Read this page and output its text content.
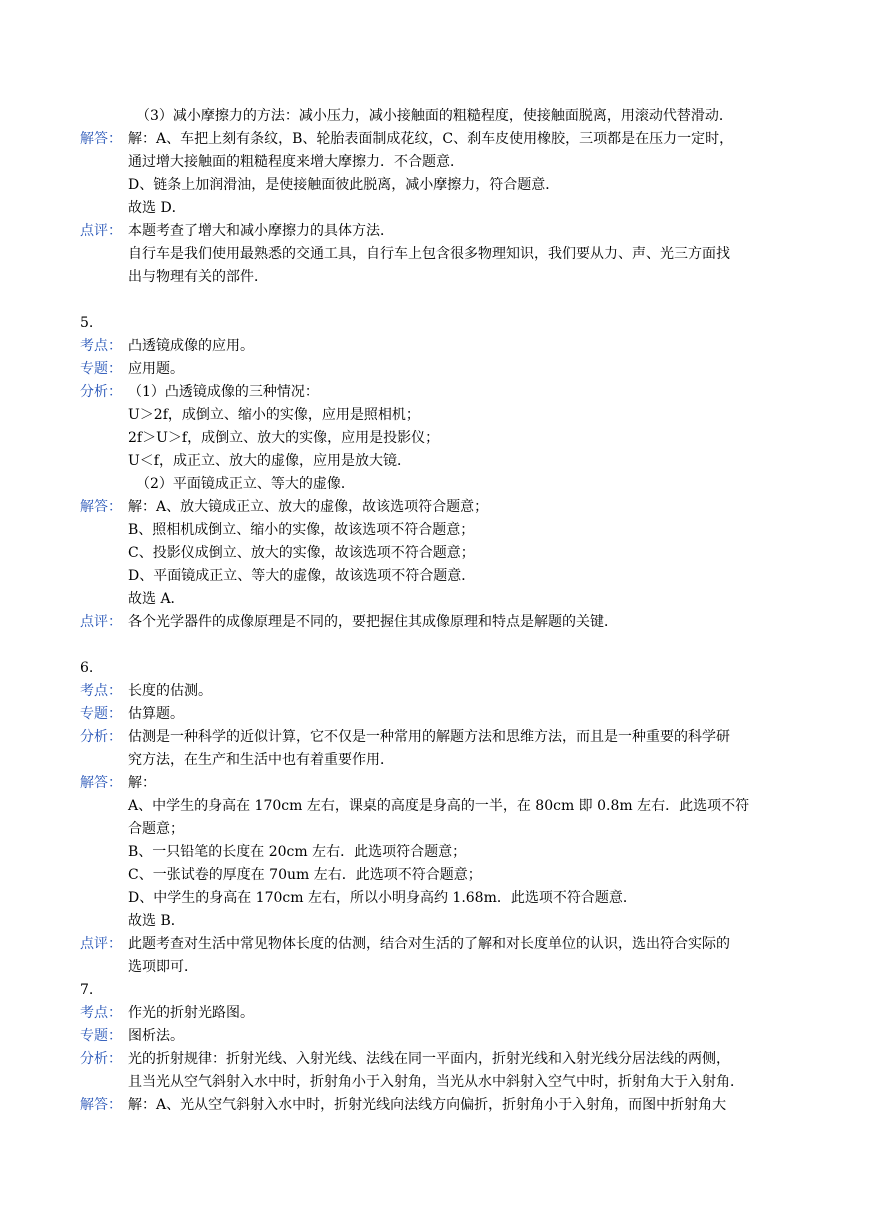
（3）减小摩擦力的方法：减小压力，减小接触面的粗糙程度，使接触面脱离，用滚动代替滑动．
解答： 解：A、车把上刻有条纹，B、轮胎表面制成花纹，C、刹车皮使用橡胶，三项都是在压力一定时，
通过增大接触面的粗糙程度来增大摩擦力．不合题意．
D、链条上加润滑油，是使接触面彼此脱离，减小摩擦力，符合题意．
故选 D．
点评： 本题考查了增大和减小摩擦力的具体方法．
自行车是我们使用最熟悉的交通工具，自行车上包含很多物理知识，我们要从力、声、光三方面找
出与物理有关的部件．
5.
考点： 凸透镜成像的应用。
专题： 应用题。
分析： （1）凸透镜成像的三种情况：
U＞2f，成倒立、缩小的实像，应用是照相机；
2f＞U＞f，成倒立、放大的实像，应用是投影仪；
U＜f，成正立、放大的虚像，应用是放大镜．
（2）平面镜成正立、等大的虚像．
解答： 解：A、放大镜成正立、放大的虚像，故该选项符合题意；
B、照相机成倒立、缩小的实像，故该选项不符合题意；
C、投影仪成倒立、放大的实像，故该选项不符合题意；
D、平面镜成正立、等大的虚像，故该选项不符合题意．
故选 A．
点评： 各个光学器件的成像原理是不同的，要把握住其成像原理和特点是解题的关键．
6.
考点： 长度的估测。
专题： 估算题。
分析： 估测是一种科学的近似计算，它不仅是一种常用的解题方法和思维方法，而且是一种重要的科学研
究方法，在生产和生活中也有着重要作用．
解答： 解：
A、中学生的身高在 170cm 左右，课桌的高度是身高的一半，在 80cm 即 0.8m 左右．此选项不符
合题意；
B、一只铅笔的长度在 20cm 左右．此选项符合题意；
C、一张试卷的厚度在 70um 左右．此选项不符合题意；
D、中学生的身高在 170cm 左右，所以小明身高约 1.68m．此选项不符合题意．
故选 B．
点评： 此题考查对生活中常见物体长度的估测，结合对生活的了解和对长度单位的认识，选出符合实际的
选项即可．
7.
考点： 作光的折射光路图。
专题： 图析法。
分析： 光的折射规律：折射光线、入射光线、法线在同一平面内，折射光线和入射光线分居法线的两侧，
且当光从空气斜射入水中时，折射角小于入射角，当光从水中斜射入空气中时，折射角大于入射角．
解答： 解：A、光从空气斜射入水中时，折射光线向法线方向偏折，折射角小于入射角，而图中折射角大
